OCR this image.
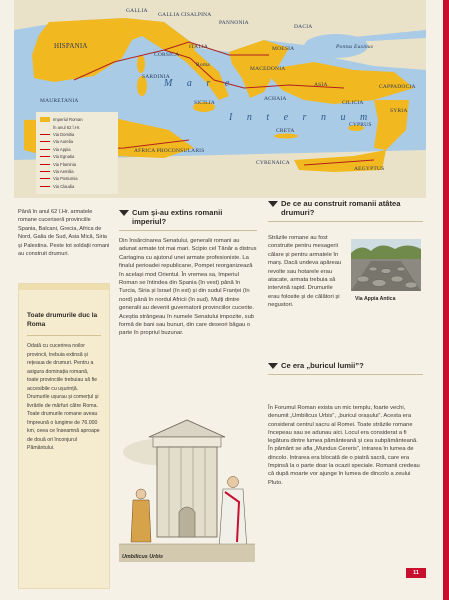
GALLIA
GALLIA CISALPINA
PANNONIA
DACIA
HISPANIA	ITALIA
CORSICA
MOESIA	Pontus Euxinus
Roma
MACEDONIA
SARDINIA
MAURETANIA
ASIA	CAPPADOCIA
SICILIA
ACHAIA
CILICIA
SYRIA
CRETA
CYPRUS
AFRICA PROCONSULARIS
CYRENAICA
AEGYPTUS
M a r e
I n t e r n u m
Imperiul Roman
în anul 62 î.Hr.
Via Domitia
Via Aurelia
Via Appia
Via Egnatia
Via Flaminia
Via Aemilia
Via Postumia
Via Claudia

Până în anul 62 î.Hr. armatele romane cuceriseră provinciile Spania, Balcani, Grecia, Africa de Nord, Galia de Sud, Asia Mică, Siria și Palestina. Peste tot soldații romani au construit drumuri.

Toate drumurile duc la Roma

Odată cu cucerirea noilor provincii, trebuia extinsă și rețeaua de drumuri. Pentru a asigura dominația romană, toate provinciile trebuiau să fie accesibile cu ușurință. Drumurile ușurau și comerțul și livrările de mărfuri către Roma. Toate drumurile romane aveau împreună o lungime de 76.000 km, ceea ce înseamnă aproape de două ori înconjurul Pământului.

Cum și-au extins romanii imperiul?

Din însărcinarea Senatului, generalii romani au adunat armate tot mai mari. Scipio cel Tânăr a distrus Cartagina cu ajutorul unei armate profesioniste. La finalul perioadei republicane, Pompei reorganizează în același mod Orientul. În vremea sa, Imperiul Roman se întindea din Spania (în vest) până în Turcia, Siria și Israel (în est) și din sudul Franței (în nord) până în nordul Africii (în sud). Mulți dintre generalii au devenit guvernatorii provinciilor cucerite. Aceștia strângeau în numele Senatului impozite, sub formă de bani sau bunuri, din care deseori băgau o parte în propriul buzunar.

Umbilicus Urbis
De ce au construit romanii atâtea drumuri?

Străzile romane au fost construite pentru mesagerii călare și pentru armatele în marș. Dacă undeva apăreau revolte sau hotarele erau atacate, armata trebuia să intervină rapid. Drumurile erau folosite și de călători și negustori.

Via Appia Antica
Ce era „buricul lumii”?

În Forumul Roman exista un mic templu, foarte vechi, denumit „Umbilicus Urbis”, „buricul orașului”. Acesta era considerat centrul sacru al Romei. Toate străzile romane începeau sau se adunau aici. Locul era considerat a fi legătura dintre lumea pământeană și cea subpământeană. În pământ se afla „Mundus Cereris”, intrarea în lumea de dincolo. Intrarea era blocată de o piatră sacră, care era împinsă la o parte doar la ocazii speciale. Romanii credeau că după moarte vor ajunge în lumea de dincolo a zeului Pluto.

11
